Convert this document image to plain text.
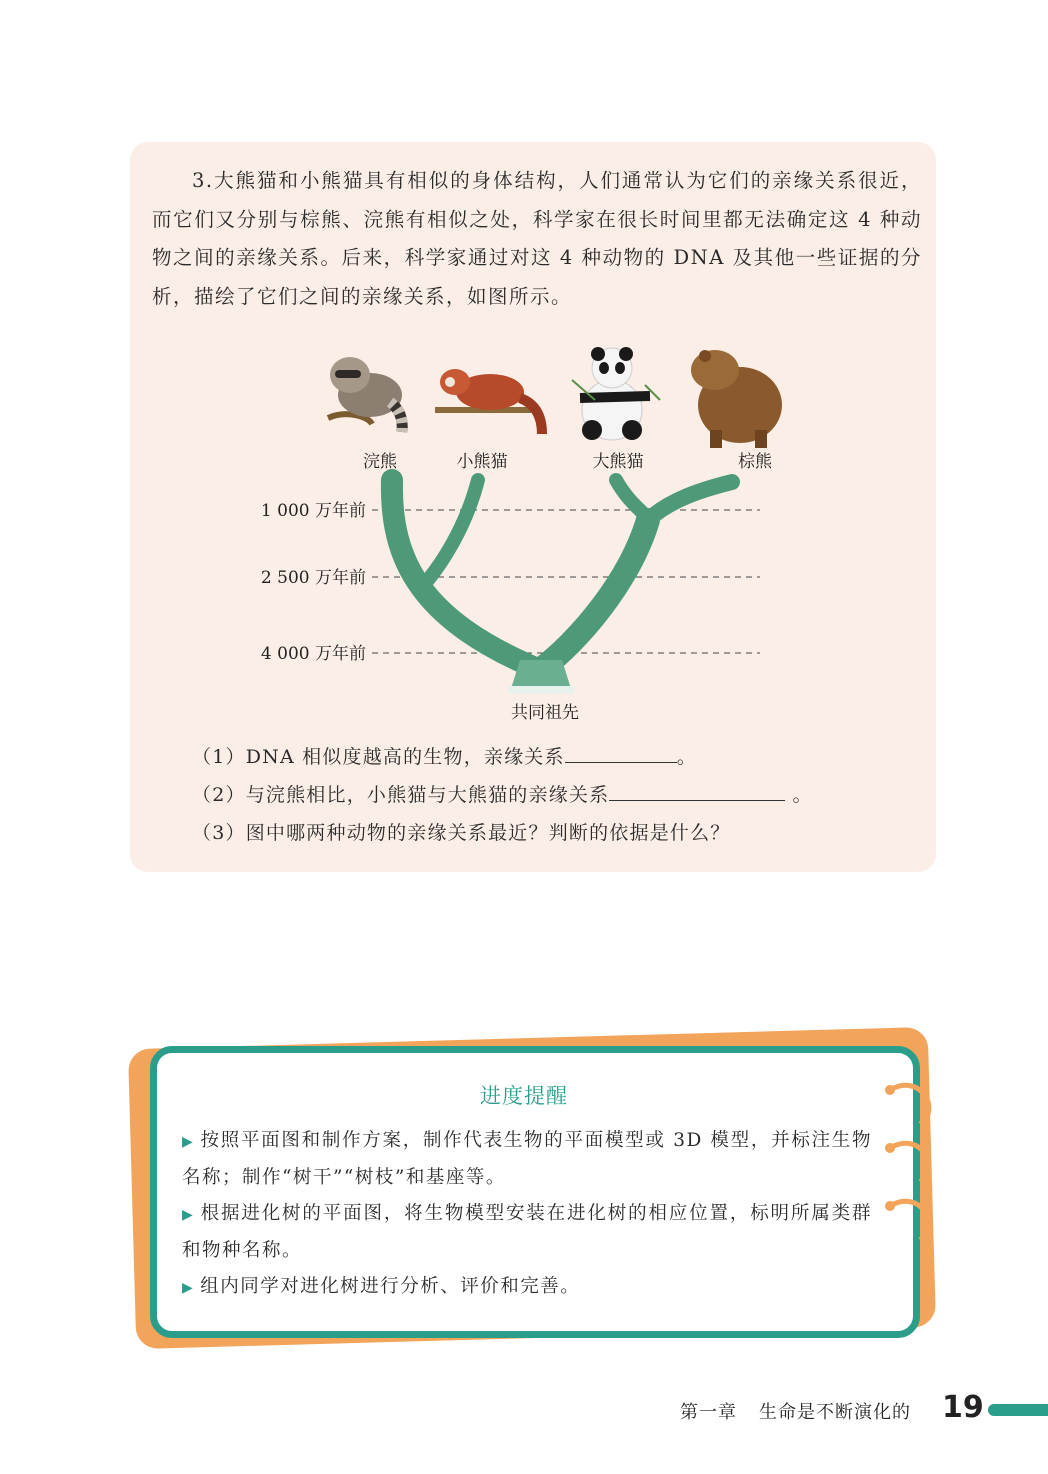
3.大熊猫和小熊猫具有相似的身体结构，人们通常认为它们的亲缘关系很近，而它们又分别与棕熊、浣熊有相似之处，科学家在很长时间里都无法确定这 4 种动物之间的亲缘关系。后来，科学家通过对这 4 种动物的 DNA 及其他一些证据的分析，描绘了它们之间的亲缘关系，如图所示。
浣熊	小熊猫	大熊猫	棕熊
1 000 万年前
2 500 万年前
4 000 万年前
共同祖先
（1）DNA 相似度越高的生物，亲缘关系	。
（2）与浣熊相比，小熊猫与大熊猫的亲缘关系	。
（3）图中哪两种动物的亲缘关系最近？判断的依据是什么？
进度提醒
▶ 按照平面图和制作方案，制作代表生物的平面模型或 3D 模型，并标注生物名称；制作“树干”“树枝”和基座等。
▶ 根据进化树的平面图，将生物模型安装在进化树的相应位置，标明所属类群和物种名称。
▶ 组内同学对进化树进行分析、评价和完善。
第一章 生命是不断演化的 19
